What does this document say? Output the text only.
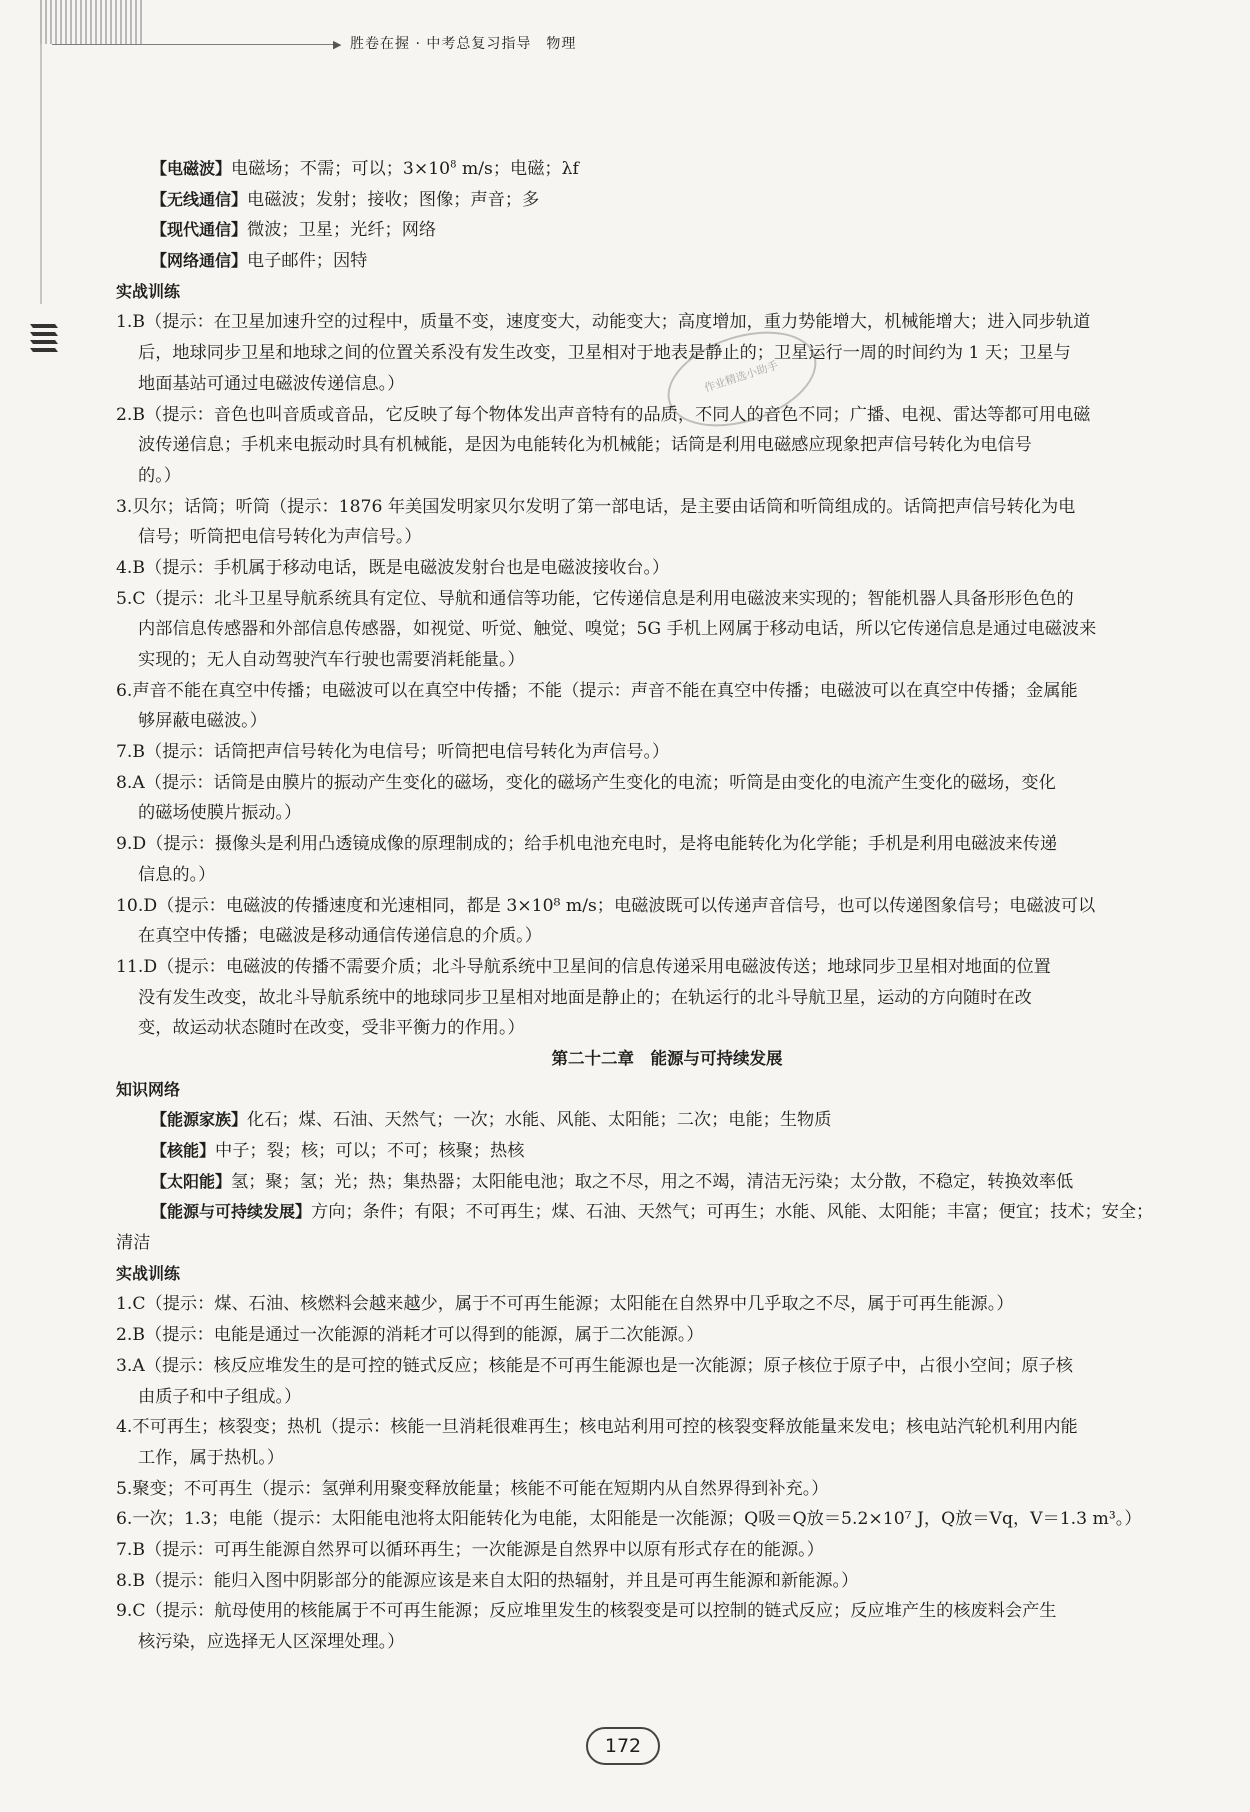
▶ 胜卷在握 · 中考总复习指导　物理
作业精选小助手
【电磁波】电磁场；不需；可以；$3\times 10^8$ m/s；电磁；λf
【无线通信】电磁波；发射；接收；图像；声音；多
【现代通信】微波；卫星；光纤；网络
【网络通信】电子邮件；因特
实战训练
1.B（提示：在卫星加速升空的过程中，质量不变，速度变大，动能变大；高度增加，重力势能增大，机械能增大；进入同步轨道
后，地球同步卫星和地球之间的位置关系没有发生改变，卫星相对于地表是静止的；卫星运行一周的时间约为 1 天；卫星与
地面基站可通过电磁波传递信息。）
2.B（提示：音色也叫音质或音品，它反映了每个物体发出声音特有的品质，不同人的音色不同；广播、电视、雷达等都可用电磁
波传递信息；手机来电振动时具有机械能，是因为电能转化为机械能；话筒是利用电磁感应现象把声信号转化为电信号
的。）
3.贝尔；话筒；听筒（提示：1876 年美国发明家贝尔发明了第一部电话，是主要由话筒和听筒组成的。话筒把声信号转化为电
信号；听筒把电信号转化为声信号。）
4.B（提示：手机属于移动电话，既是电磁波发射台也是电磁波接收台。）
5.C（提示：北斗卫星导航系统具有定位、导航和通信等功能，它传递信息是利用电磁波来实现的；智能机器人具备形形色色的
内部信息传感器和外部信息传感器，如视觉、听觉、触觉、嗅觉；5G 手机上网属于移动电话，所以它传递信息是通过电磁波来
实现的；无人自动驾驶汽车行驶也需要消耗能量。）
6.声音不能在真空中传播；电磁波可以在真空中传播；不能（提示：声音不能在真空中传播；电磁波可以在真空中传播；金属能
够屏蔽电磁波。）
7.B（提示：话筒把声信号转化为电信号；听筒把电信号转化为声信号。）
8.A（提示：话筒是由膜片的振动产生变化的磁场，变化的磁场产生变化的电流；听筒是由变化的电流产生变化的磁场，变化
的磁场使膜片振动。）
9.D（提示：摄像头是利用凸透镜成像的原理制成的；给手机电池充电时，是将电能转化为化学能；手机是利用电磁波来传递
信息的。）
10.D（提示：电磁波的传播速度和光速相同，都是 3×10⁸ m/s；电磁波既可以传递声音信号，也可以传递图象信号；电磁波可以
在真空中传播；电磁波是移动通信传递信息的介质。）
11.D（提示：电磁波的传播不需要介质；北斗导航系统中卫星间的信息传递采用电磁波传送；地球同步卫星相对地面的位置
没有发生改变，故北斗导航系统中的地球同步卫星相对地面是静止的；在轨运行的北斗导航卫星，运动的方向随时在改
变，故运动状态随时在改变，受非平衡力的作用。）
第二十二章　能源与可持续发展
知识网络
【能源家族】化石；煤、石油、天然气；一次；水能、风能、太阳能；二次；电能；生物质
【核能】中子；裂；核；可以；不可；核聚；热核
【太阳能】氢；聚；氢；光；热；集热器；太阳能电池；取之不尽，用之不竭，清洁无污染；太分散，不稳定，转换效率低
【能源与可持续发展】方向；条件；有限；不可再生；煤、石油、天然气；可再生；水能、风能、太阳能；丰富；便宜；技术；安全；
清洁
实战训练
1.C（提示：煤、石油、核燃料会越来越少，属于不可再生能源；太阳能在自然界中几乎取之不尽，属于可再生能源。）
2.B（提示：电能是通过一次能源的消耗才可以得到的能源，属于二次能源。）
3.A（提示：核反应堆发生的是可控的链式反应；核能是不可再生能源也是一次能源；原子核位于原子中，占很小空间；原子核
由质子和中子组成。）
4.不可再生；核裂变；热机（提示：核能一旦消耗很难再生；核电站利用可控的核裂变释放能量来发电；核电站汽轮机利用内能
工作，属于热机。）
5.聚变；不可再生（提示：氢弹利用聚变释放能量；核能不可能在短期内从自然界得到补充。）
6.一次；1.3；电能（提示：太阳能电池将太阳能转化为电能，太阳能是一次能源；Q吸＝Q放＝5.2×10⁷ J，Q放＝Vq，V＝1.3 m³。）
7.B（提示：可再生能源自然界可以循环再生；一次能源是自然界中以原有形式存在的能源。）
8.B（提示：能归入图中阴影部分的能源应该是来自太阳的热辐射，并且是可再生能源和新能源。）
9.C（提示：航母使用的核能属于不可再生能源；反应堆里发生的核裂变是可以控制的链式反应；反应堆产生的核废料会产生
核污染，应选择无人区深埋处理。）
172
